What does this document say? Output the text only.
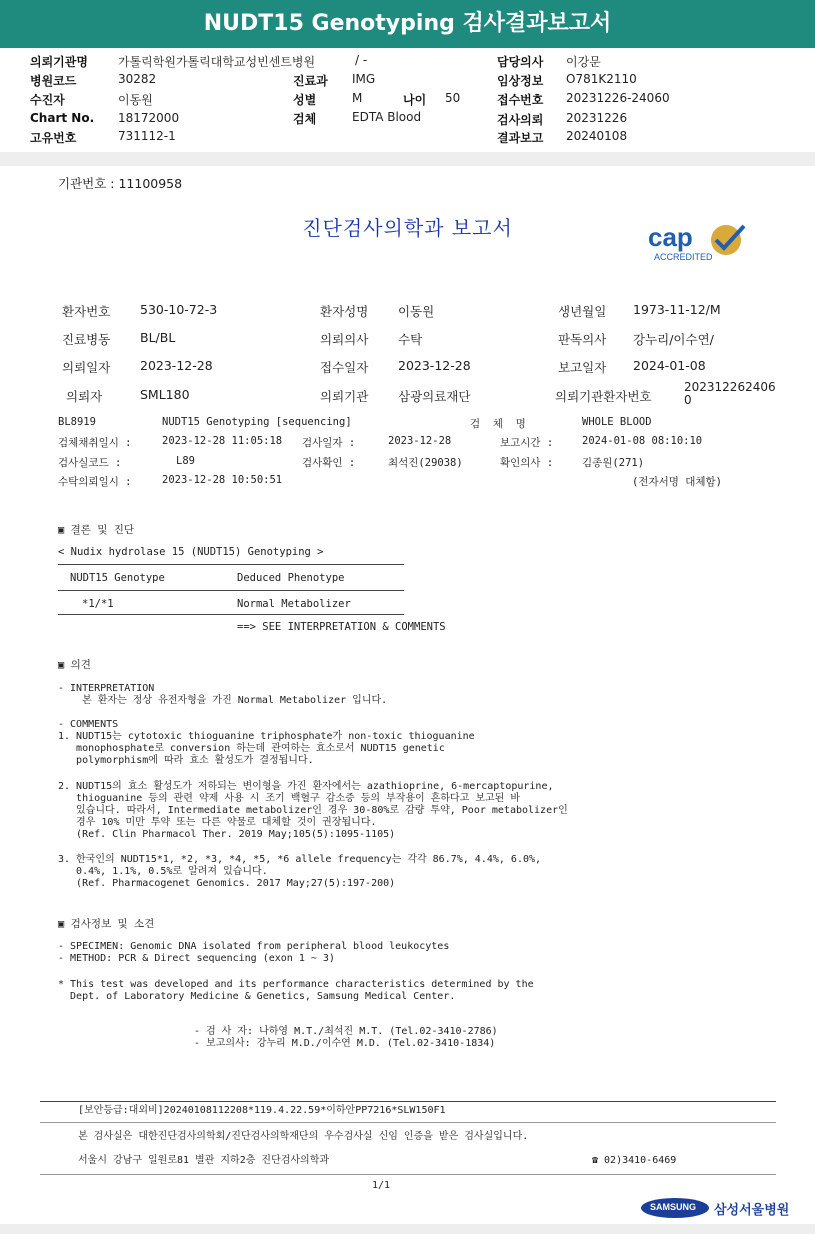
NUDT15 Genotyping 검사결과보고서
의뢰기관명	가톨릭학원가톨릭대학교성빈센트병원	/ -	담당의사 이강문
병원코드	30282	진료과 IMG	임상정보 O781K2110
수진자	이동원	성별	M	나이 50	접수번호 20231226-24060
Chart No. 18172000	검체	EDTA Blood	검사의뢰 20231226
고유번호	731112-1	결과보고 20240108
기관번호 : 11100958
진단검사의학과 보고서	cap
ACCREDITED
환자번호 530-10-72-3	환자성명 이동원	생년월일 1973-11-12/M
진료병동 BL/BL	의뢰의사 수탁	판독의사 강누리/이수연/
의뢰일자 2023-12-28	접수일자 2023-12-28	보고일자 2024-01-08
의뢰자	SML180	의뢰기관 삼광의료재단	의뢰기관환자번호
202312262406
0
BL8919	NUDT15 Genotyping [sequencing]	검  체  명	WHOLE BLOOD
검체채취일시 :	2023-12-28 11:05:18 검사일자 :	2023-12-28	보고시간 :	2024-01-08 08:10:10
검사실코드 :	L89	검사확인 :	최석진(29038)	확인의사 :	김종원(271)
수탁의뢰일시 :	2023-12-28 10:50:51	(전자서명 대체함)
▣ 결론 및 진단
< Nudix hydrolase 15 (NUDT15) Genotyping >
NUDT15 Genotype	Deduced Phenotype
*1/*1	Normal Metabolizer
==> SEE INTERPRETATION & COMMENTS
▣ 의견
- INTERPRETATION
본 환자는 정상 유전자형을 가진 Normal Metabolizer 입니다.
- COMMENTS
1. NUDT15는 cytotoxic thioguanine triphosphate가 non-toxic thioguanine
monophosphate로 conversion 하는데 관여하는 효소로서 NUDT15 genetic
polymorphism에 따라 효소 활성도가 결정됩니다.
2. NUDT15의 효소 활성도가 저하되는 변이형을 가진 환자에서는 azathioprine, 6-mercaptopurine,
thioguanine 등의 관련 약제 사용 시 조기 백혈구 감소증 등의 부작용이 흔하다고 보고된 바
있습니다. 따라서, Intermediate metabolizer인 경우 30-80%로 감량 투약, Poor metabolizer인
경우 10% 미만 투약 또는 다른 약물로 대체할 것이 권장됩니다.
(Ref. Clin Pharmacol Ther. 2019 May;105(5):1095-1105)
3. 한국인의 NUDT15*1, *2, *3, *4, *5, *6 allele frequency는 각각 86.7%, 4.4%, 6.0%,
0.4%, 1.1%, 0.5%로 알려져 있습니다.
(Ref. Pharmacogenet Genomics. 2017 May;27(5):197-200)
▣ 검사정보 및 소견
- SPECIMEN: Genomic DNA isolated from peripheral blood leukocytes
- METHOD: PCR & Direct sequencing (exon 1 ~ 3)
* This test was developed and its performance characteristics determined by the
Dept. of Laboratory Medicine & Genetics, Samsung Medical Center.
- 검 사 자: 나하영 M.T./최석진 M.T. (Tel.02-3410-2786)
- 보고의사: 강누리 M.D./이수연 M.D. (Tel.02-3410-1834)
[보안등급:대외비]20240108112208*119.4.22.59*이하안PP7216*SLW150F1
본 검사실은 대한진단검사의학회/진단검사의학재단의 우수검사실 신임 인증을 받은 검사실입니다.
서울시 강남구 일원로81 별관 지하2층 진단검사의학과	☎ 02)3410-6469
1/1
SAMSUNG 삼성서울병원
